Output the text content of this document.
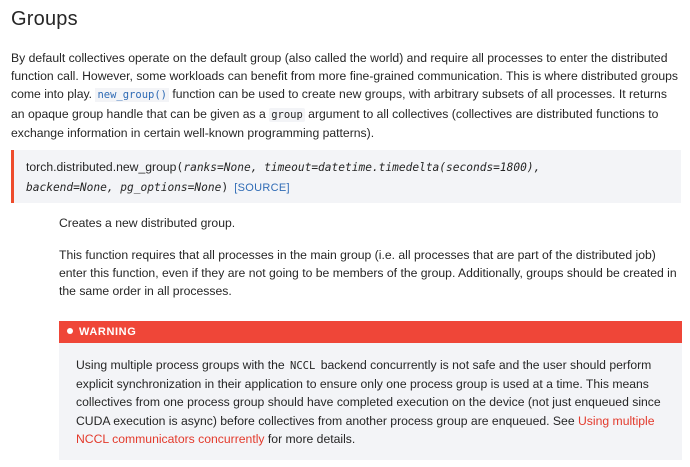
Groups

By default collectives operate on the default group (also called the world) and require all processes to enter the distributed function call. However, some workloads can benefit from more fine-grained communication. This is where distributed groups come into play. new_group() function can be used to create new groups, with arbitrary subsets of all processes. It returns an opaque group handle that can be given as a group argument to all collectives (collectives are distributed functions to exchange information in certain well-known programming patterns).

torch.distributed.new_group(ranks=None, timeout=datetime.timedelta(seconds=1800),
backend=None, pg_options=None) [SOURCE]

Creates a new distributed group.

This function requires that all processes in the main group (i.e. all processes that are part of the distributed job) enter this function, even if they are not going to be members of the group. Additionally, groups should be created in the same order in all processes.

WARNING
Using multiple process groups with the NCCL backend concurrently is not safe and the user should perform explicit synchronization in their application to ensure only one process group is used at a time. This means collectives from one process group should have completed execution on the device (not just enqueued since CUDA execution is async) before collectives from another process group are enqueued. See Using multiple NCCL communicators concurrently for more details.
